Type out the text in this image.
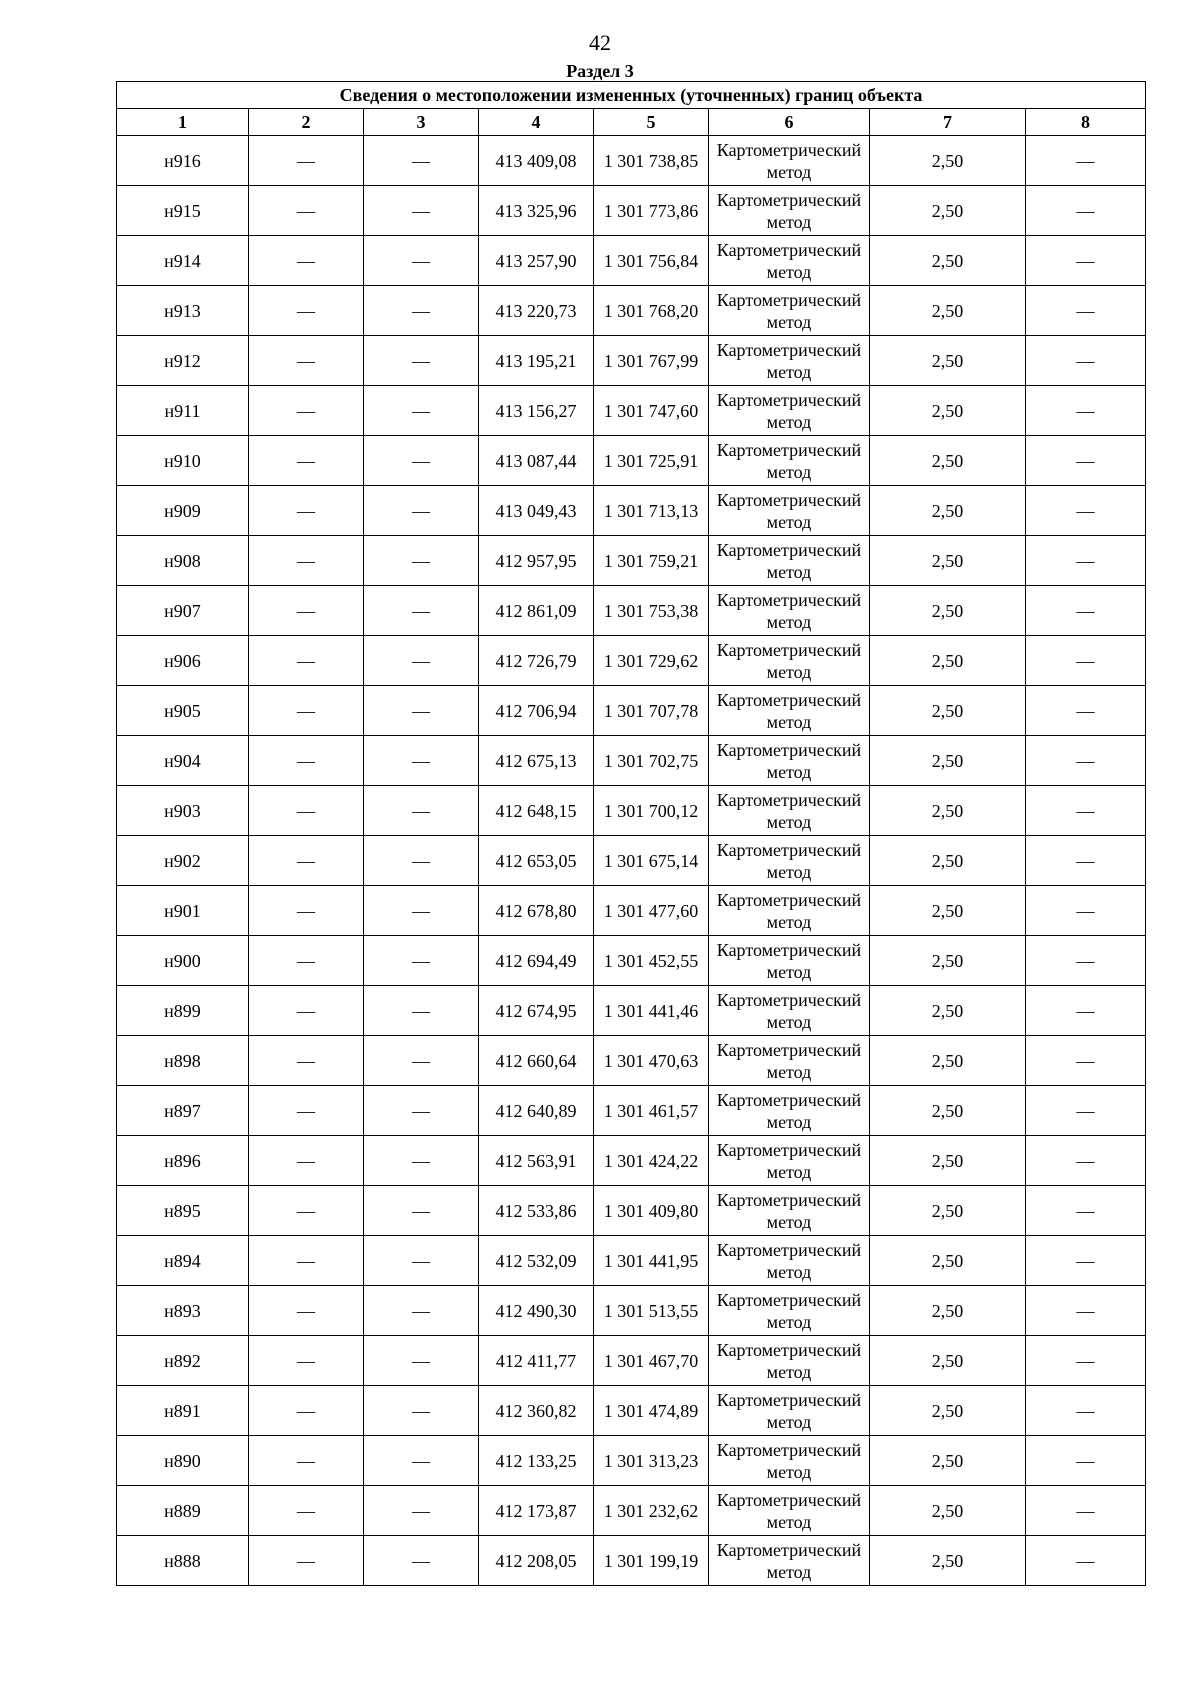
42
Раздел 3
Сведения о местоположении измененных (уточненных) границ объекта							
1	2	3	4	5	6	7	8
н916	—	—	413 409,08	1 301 738,85	Картометрический метод	2,50	—
н915	—	—	413 325,96	1 301 773,86	Картометрический метод	2,50	—
н914	—	—	413 257,90	1 301 756,84	Картометрический метод	2,50	—
н913	—	—	413 220,73	1 301 768,20	Картометрический метод	2,50	—
н912	—	—	413 195,21	1 301 767,99	Картометрический метод	2,50	—
н911	—	—	413 156,27	1 301 747,60	Картометрический метод	2,50	—
н910	—	—	413 087,44	1 301 725,91	Картометрический метод	2,50	—
н909	—	—	413 049,43	1 301 713,13	Картометрический метод	2,50	—
н908	—	—	412 957,95	1 301 759,21	Картометрический метод	2,50	—
н907	—	—	412 861,09	1 301 753,38	Картометрический метод	2,50	—
н906	—	—	412 726,79	1 301 729,62	Картометрический метод	2,50	—
н905	—	—	412 706,94	1 301 707,78	Картометрический метод	2,50	—
н904	—	—	412 675,13	1 301 702,75	Картометрический метод	2,50	—
н903	—	—	412 648,15	1 301 700,12	Картометрический метод	2,50	—
н902	—	—	412 653,05	1 301 675,14	Картометрический метод	2,50	—
н901	—	—	412 678,80	1 301 477,60	Картометрический метод	2,50	—
н900	—	—	412 694,49	1 301 452,55	Картометрический метод	2,50	—
н899	—	—	412 674,95	1 301 441,46	Картометрический метод	2,50	—
н898	—	—	412 660,64	1 301 470,63	Картометрический метод	2,50	—
н897	—	—	412 640,89	1 301 461,57	Картометрический метод	2,50	—
н896	—	—	412 563,91	1 301 424,22	Картометрический метод	2,50	—
н895	—	—	412 533,86	1 301 409,80	Картометрический метод	2,50	—
н894	—	—	412 532,09	1 301 441,95	Картометрический метод	2,50	—
н893	—	—	412 490,30	1 301 513,55	Картометрический метод	2,50	—
н892	—	—	412 411,77	1 301 467,70	Картометрический метод	2,50	—
н891	—	—	412 360,82	1 301 474,89	Картометрический метод	2,50	—
н890	—	—	412 133,25	1 301 313,23	Картометрический метод	2,50	—
н889	—	—	412 173,87	1 301 232,62	Картометрический метод	2,50	—
н888	—	—	412 208,05	1 301 199,19	Картометрический метод	2,50	—
